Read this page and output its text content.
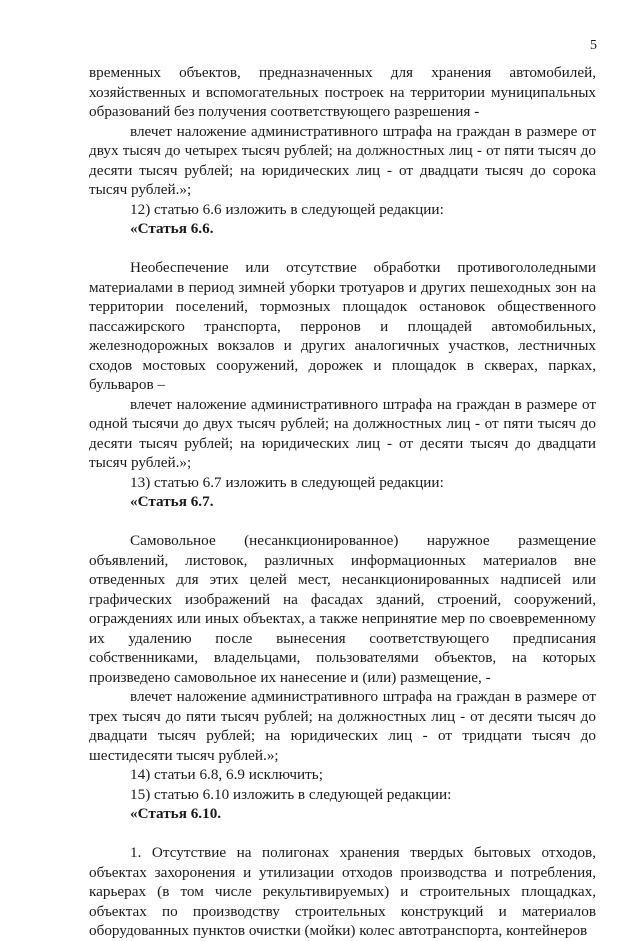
5

временных объектов, предназначенных для хранения автомобилей, хозяйственных и вспомогательных построек на территории муниципальных образований без получения соответствующего разрешения -

влечет наложение административного штрафа на граждан в размере от двух тысяч до четырех тысяч рублей; на должностных лиц - от пяти тысяч до десяти тысяч рублей; на юридических лиц - от двадцати тысяч до сорока тысяч рублей.»;

12) статью 6.6 изложить в следующей редакции:

«Статья 6.6.

Необеспечение или отсутствие обработки противогололедными материалами в период зимней уборки тротуаров и других пешеходных зон на территории поселений, тормозных площадок остановок общественного пассажирского транспорта, перронов и площадей автомобильных, железнодорожных вокзалов и других аналогичных участков, лестничных сходов мостовых сооружений, дорожек и площадок в скверах, парках, бульваров –

влечет наложение административного штрафа на граждан в размере от одной тысячи до двух тысяч рублей; на должностных лиц - от пяти тысяч до десяти тысяч рублей; на юридических лиц - от десяти тысяч до двадцати тысяч рублей.»;

13) статью 6.7 изложить в следующей редакции:

«Статья 6.7.

Самовольное (несанкционированное) наружное размещение объявлений, листовок, различных информационных материалов вне отведенных для этих целей мест, несанкционированных надписей или графических изображений на фасадах зданий, строений, сооружений, ограждениях или иных объектах, а также непринятие мер по своевременному их удалению после вынесения соответствующего предписания собственниками, владельцами, пользователями объектов, на которых произведено самовольное их нанесение и (или) размещение, -

влечет наложение административного штрафа на граждан в размере от трех тысяч до пяти тысяч рублей; на должностных лиц - от десяти тысяч до двадцати тысяч рублей; на юридических лиц - от тридцати тысяч до шестидесяти тысяч рублей.»;

14) статьи 6.8, 6.9 исключить;

15) статью 6.10 изложить в следующей редакции:

«Статья 6.10.

1. Отсутствие на полигонах хранения твердых бытовых отходов, объектах захоронения и утилизации отходов производства и потребления, карьерах (в том числе рекультивируемых) и строительных площадках, объектах по производству строительных конструкций и материалов оборудованных пунктов очистки (мойки) колес автотранспорта, контейнеров
